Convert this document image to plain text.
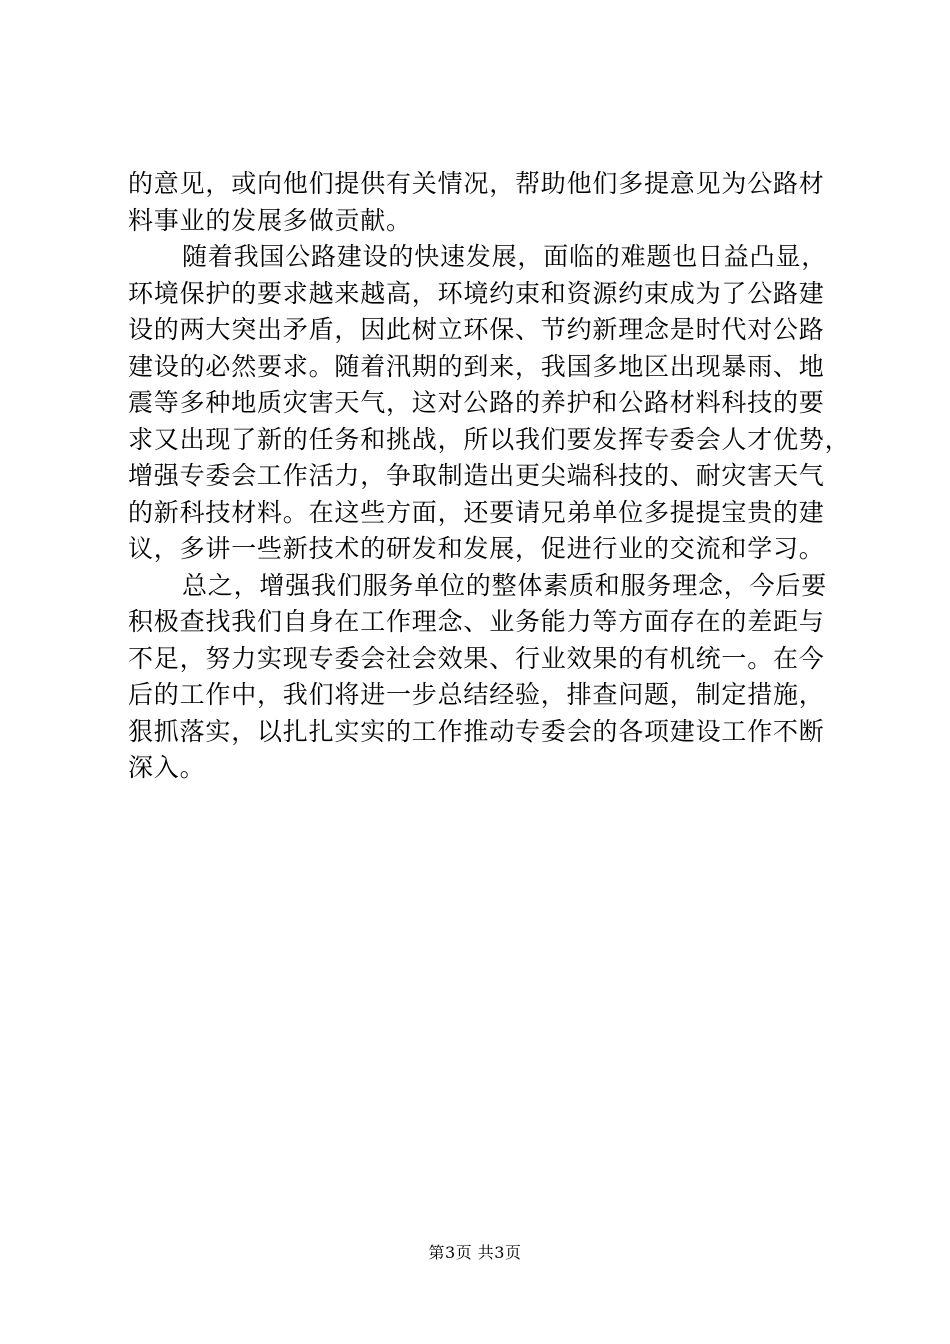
的意见，或向他们提供有关情况，帮助他们多提意见为公路材
料事业的发展多做贡献。
随着我国公路建设的快速发展，面临的难题也日益凸显，
环境保护的要求越来越高，环境约束和资源约束成为了公路建
设的两大突出矛盾，因此树立环保、节约新理念是时代对公路
建设的必然要求。随着汛期的到来，我国多地区出现暴雨、地
震等多种地质灾害天气，这对公路的养护和公路材料科技的要
求又出现了新的任务和挑战，所以我们要发挥专委会人才优势，
增强专委会工作活力，争取制造出更尖端科技的、耐灾害天气
的新科技材料。在这些方面，还要请兄弟单位多提提宝贵的建
议，多讲一些新技术的研发和发展，促进行业的交流和学习。
总之，增强我们服务单位的整体素质和服务理念，今后要
积极查找我们自身在工作理念、业务能力等方面存在的差距与
不足，努力实现专委会社会效果、行业效果的有机统一。在今
后的工作中，我们将进一步总结经验，排查问题，制定措施，
狠抓落实，以扎扎实实的工作推动专委会的各项建设工作不断
深入。
第3页 共3页
